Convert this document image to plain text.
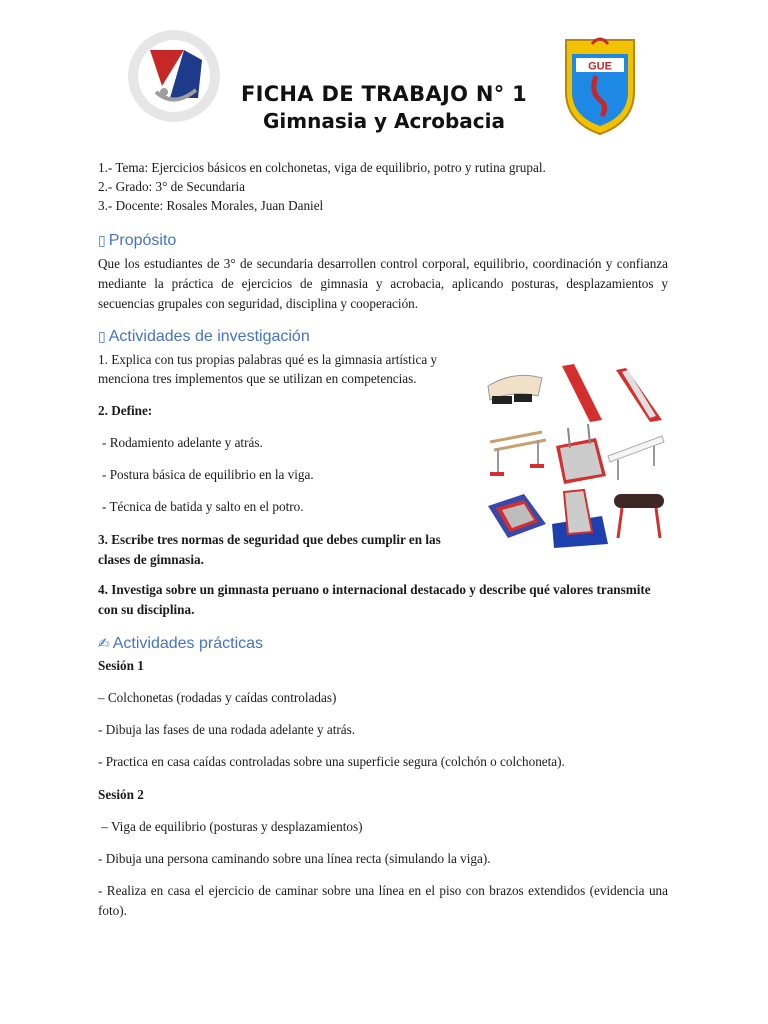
FICHA DE TRABAJO N° 1
Gimnasia y Acrobacia
GUE
1.- Tema: Ejercicios básicos en colchonetas, viga de equilibrio, potro y rutina grupal.
2.- Grado: 3° de Secundaria
3.- Docente: Rosales Morales, Juan Daniel
▯ Propósito
Que los estudiantes de 3° de secundaria desarrollen control corporal, equilibrio, coordinación y confianza mediante la práctica de ejercicios de gimnasia y acrobacia, aplicando posturas, desplazamientos y secuencias grupales con seguridad, disciplina y cooperación.
▯ Actividades de investigación
1. Explica con tus propias palabras qué es la gimnasia artística y
menciona tres implementos que se utilizan en competencias.
2. Define:
- Rodamiento adelante y atrás.
- Postura básica de equilibrio en la viga.
- Técnica de batida y salto en el potro.
3. Escribe tres normas de seguridad que debes cumplir en las clases de gimnasia.
4. Investiga sobre un gimnasta peruano o internacional destacado y describe qué valores transmite con su disciplina.
✍ Actividades prácticas
Sesión 1
– Colchonetas (rodadas y caídas controladas)
- Dibuja las fases de una rodada adelante y atrás.
- Practica en casa caídas controladas sobre una superficie segura (colchón o colchoneta).
Sesión 2
– Viga de equilibrio (posturas y desplazamientos)
- Dibuja una persona caminando sobre una línea recta (simulando la viga).
- Realiza en casa el ejercicio de caminar sobre una línea en el piso con brazos extendidos (evidencia una foto).
